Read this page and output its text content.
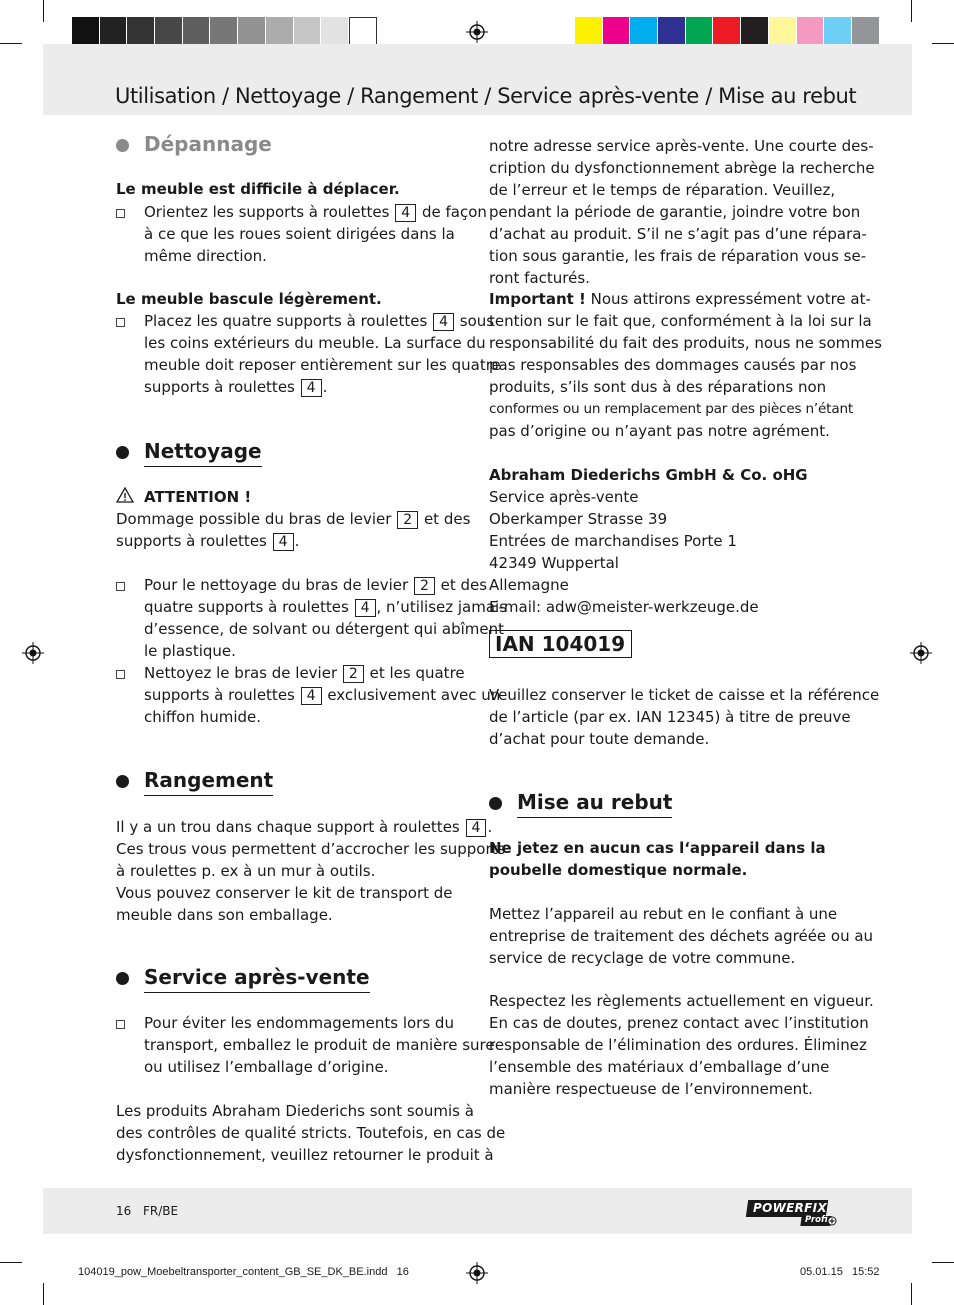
Utilisation / Nettoyage / Rangement / Service après-vente / Mise au rebut
Dépannage
Le meuble est difficile à déplacer.
Orientez les supports à roulettes 4 de façon
à ce que les roues soient dirigées dans la
même direction.
Le meuble bascule légèrement.
Placez les quatre supports à roulettes 4 sous
les coins extérieurs du meuble. La surface du
meuble doit reposer entièrement sur les quatre
supports à roulettes 4 .
Nettoyage
ATTENTION !
Dommage possible du bras de levier 2 et des
supports à roulettes 4 .
Pour le nettoyage du bras de levier 2 et des
quatre supports à roulettes 4 , n’utilisez jamais
d’essence, de solvant ou détergent qui abîment
le plastique.
Nettoyez le bras de levier 2 et les quatre
supports à roulettes 4 exclusivement avec un
chiffon humide.
Rangement
Il y a un trou dans chaque support à roulettes 4 .
Ces trous vous permettent d’accrocher les supports
à roulettes p. ex à un mur à outils.
Vous pouvez conserver le kit de transport de
meuble dans son emballage.
Service après-vente
Pour éviter les endommagements lors du
transport, emballez le produit de manière sure
ou utilisez l’emballage d’origine.
Les produits Abraham Diederichs sont soumis à
des contrôles de qualité stricts. Toutefois, en cas de
dysfonctionnement, veuillez retourner le produit à
notre adresse service après-vente. Une courte des-
cription du dysfonctionnement abrège la recherche
de l’erreur et le temps de réparation. Veuillez,
pendant la période de garantie, joindre votre bon
d’achat au produit. S’il ne s’agit pas d’une répara-
tion sous garantie, les frais de réparation vous se-
ront facturés.
Important ! Nous attirons expressément votre at-
tention sur le fait que, conformément à la loi sur la
responsabilité du fait des produits, nous ne sommes
pas responsables des dommages causés par nos
produits, s’ils sont dus à des réparations non
conformes ou un remplacement par des pièces n’étant
pas d’origine ou n’ayant pas notre agrément.
Abraham Diederichs GmbH & Co. oHG
Service après-vente
Oberkamper Strasse 39
Entrées de marchandises Porte 1
42349 Wuppertal
Allemagne
E-mail: adw@meister-werkzeuge.de
IAN 104019
Veuillez conserver le ticket de caisse et la référence
de l’article (par ex. IAN 12345) à titre de preuve
d’achat pour toute demande.
Mise au rebut
Ne jetez en aucun cas l‘appareil dans la
poubelle domestique normale.
Mettez l’appareil au rebut en le confiant à une
entreprise de traitement des déchets agréée ou au
service de recyclage de votre commune.
Respectez les règlements actuellement en vigueur.
En cas de doutes, prenez contact avec l’institution
responsable de l’élimination des ordures. Éliminez
l’ensemble des matériaux d’emballage d’une
manière respectueuse de l’environnement.
16 FR/BE	POWERFIX
Profi
104019_pow_Moebeltransporter_content_GB_SE_DK_BE.indd   16	05.01.15   15:52
